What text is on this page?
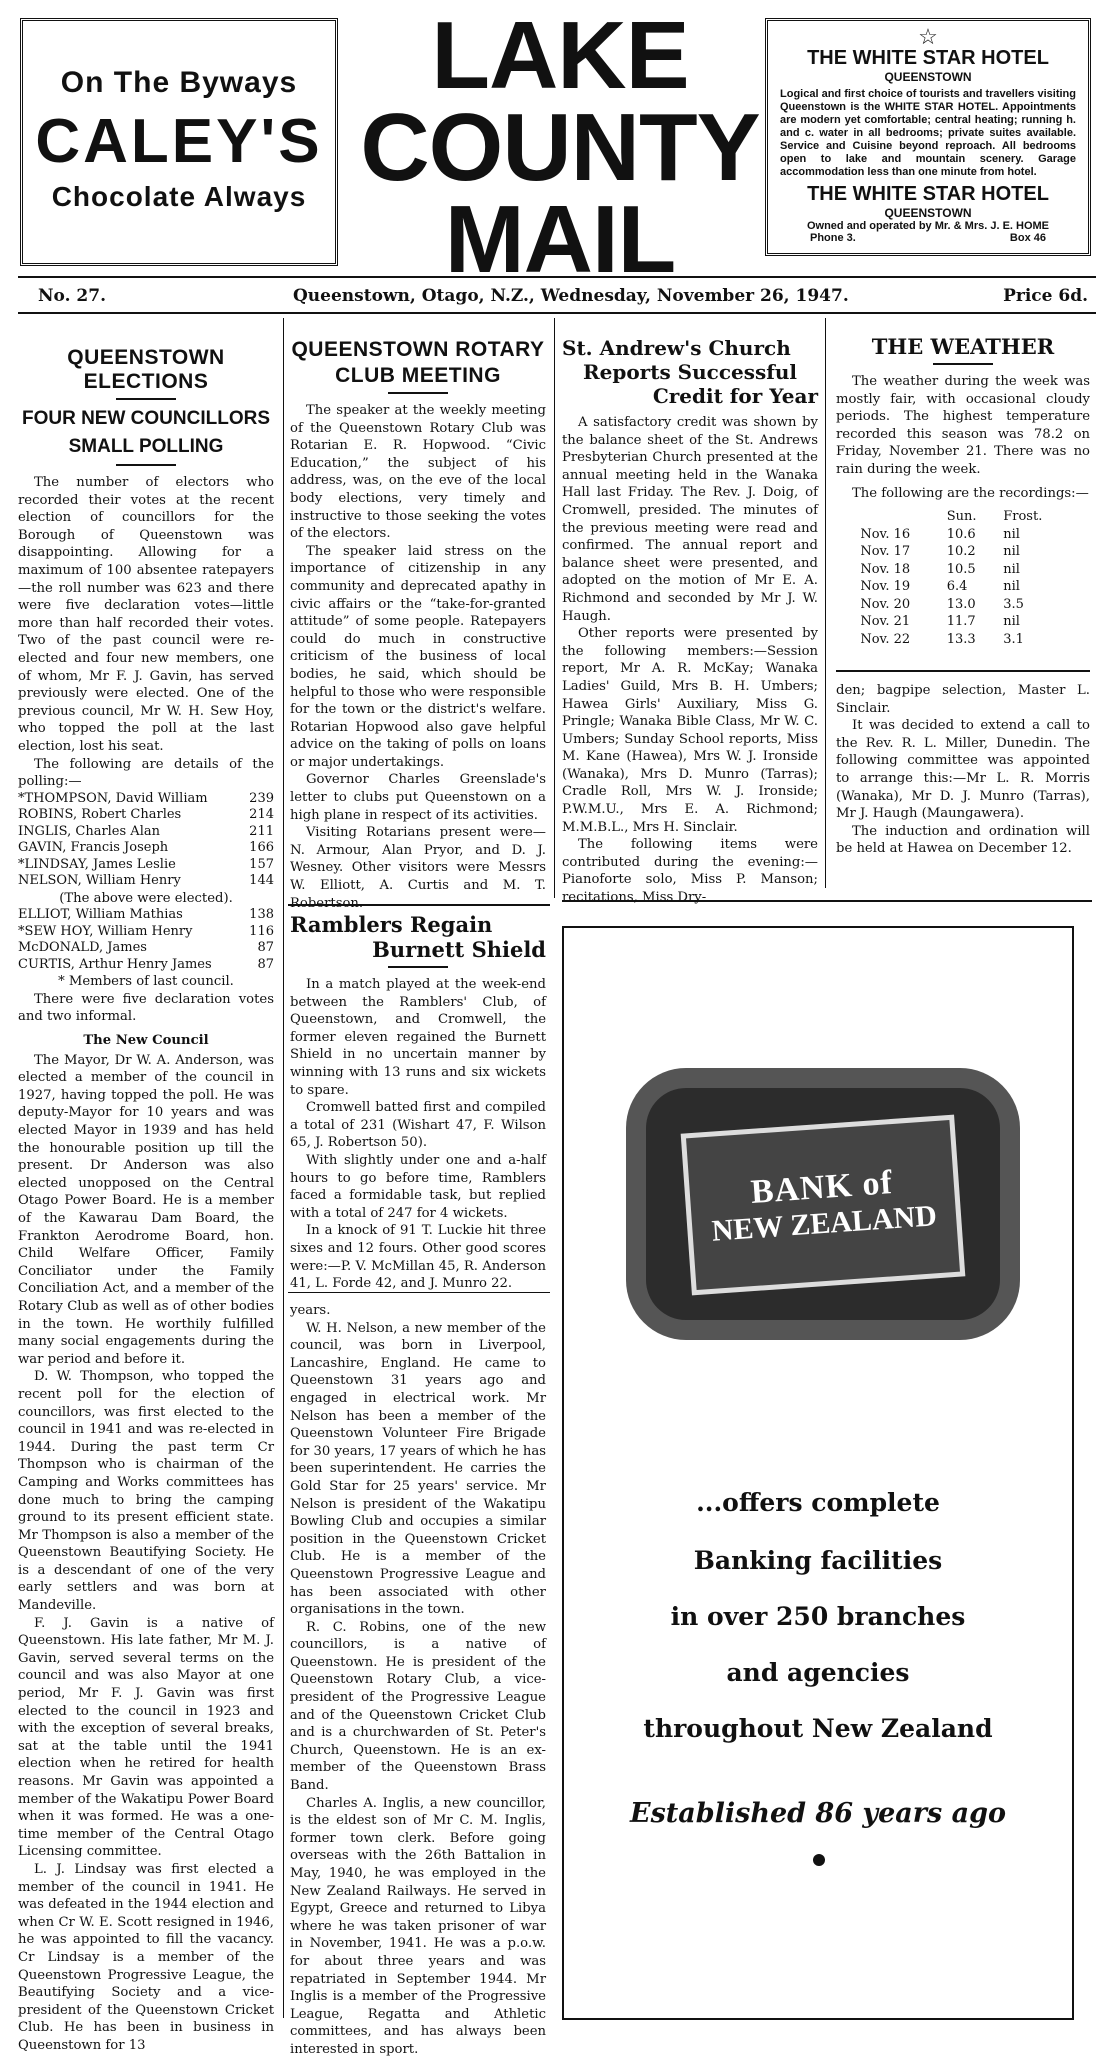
On The Byways
CALEY'S
Chocolate Always
LAKE
COUNTY
MAIL
☆
THE WHITE STAR HOTEL
QUEENSTOWN
Logical and first choice of tourists and travellers visiting Queenstown is the WHITE STAR HOTEL. Appointments are modern yet comfortable; central heating; running h. and c. water in all bedrooms; private suites available. Service and Cuisine beyond reproach. All bedrooms open to lake and mountain scenery. Garage accommodation less than one minute from hotel.
THE WHITE STAR HOTEL
QUEENSTOWN
Owned and operated by Mr. & Mrs. J. E. HOME
Phone 3.	Box 46
No. 27.	Queenstown, Otago, N.Z., Wednesday, November 26, 1947.	Price 6d.
QUEENSTOWN ELECTIONS
FOUR NEW COUNCILLORS
SMALL POLLING

The number of electors who recorded their votes at the recent election of councillors for the Borough of Queenstown was disappointing. Allowing for a maximum of 100 absentee ratepayers —the roll number was 623 and there were five declaration votes—little more than half recorded their votes. Two of the past council were re-elected and four new members, one of whom, Mr F. J. Gavin, has served previously were elected. One of the previous council, Mr W. H. Sew Hoy, who topped the poll at the last election, lost his seat.

The following are details of the polling:—

*THOMPSON, David William	239
ROBINS, Robert Charles	214
INGLIS, Charles Alan	211
GAVIN, Francis Joseph	166
*LINDSAY, James Leslie	157
NELSON, William Henry	144
(The above were elected).
ELLIOT, William Mathias	138
*SEW HOY, William Henry	116
McDONALD, James	87
CURTIS, Arthur Henry James	87
* Members of last council.

There were five declaration votes and two informal.

The New Council

The Mayor, Dr W. A. Anderson, was elected a member of the council in 1927, having topped the poll. He was deputy-Mayor for 10 years and was elected Mayor in 1939 and has held the honourable position up till the present. Dr Anderson was also elected unopposed on the Central Otago Power Board. He is a member of the Kawarau Dam Board, the Frankton Aerodrome Board, hon. Child Welfare Officer, Family Conciliator under the Family Conciliation Act, and a member of the Rotary Club as well as of other bodies in the town. He worthily fulfilled many social engagements during the war period and before it.

D. W. Thompson, who topped the recent poll for the election of councillors, was first elected to the council in 1941 and was re-elected in 1944. During the past term Cr Thompson who is chairman of the Camping and Works committees has done much to bring the camping ground to its present efficient state. Mr Thompson is also a member of the Queenstown Beautifying Society. He is a descendant of one of the very early settlers and was born at Mandeville.

F. J. Gavin is a native of Queenstown. His late father, Mr M. J. Gavin, served several terms on the council and was also Mayor at one period, Mr F. J. Gavin was first elected to the council in 1923 and with the exception of several breaks, sat at the table until the 1941 election when he retired for health reasons. Mr Gavin was appointed a member of the Wakatipu Power Board when it was formed. He was a one-time member of the Central Otago Licensing committee.

L. J. Lindsay was first elected a member of the council in 1941. He was defeated in the 1944 election and when Cr W. E. Scott resigned in 1946, he was appointed to fill the vacancy. Cr Lindsay is a member of the Queenstown Progressive League, the Beautifying Society and a vice-president of the Queenstown Cricket Club. He has been in business in Queenstown for 13

QUEENSTOWN ROTARY
CLUB MEETING

The speaker at the weekly meeting of the Queenstown Rotary Club was Rotarian E. R. Hopwood. “Civic Education,” the subject of his address, was, on the eve of the local body elections, very timely and instructive to those seeking the votes of the electors.

The speaker laid stress on the importance of citizenship in any community and deprecated apathy in civic affairs or the “take-for-granted attitude” of some people. Ratepayers could do much in constructive criticism of the business of local bodies, he said, which should be helpful to those who were responsible for the town or the district's welfare. Rotarian Hopwood also gave helpful advice on the taking of polls on loans or major undertakings.

Governor Charles Greenslade's letter to clubs put Queenstown on a high plane in respect of its activities.

Visiting Rotarians present were—N. Armour, Alan Pryor, and D. J. Wesney. Other visitors were Messrs W. Elliott, A. Curtis and M. T. Robertson.

Ramblers Regain
Burnett Shield

In a match played at the week-end between the Ramblers' Club, of Queenstown, and Cromwell, the former eleven regained the Burnett Shield in no uncertain manner by winning with 13 runs and six wickets to spare.

Cromwell batted first and compiled a total of 231 (Wishart 47, F. Wilson 65, J. Robertson 50).

With slightly under one and a-half hours to go before time, Ramblers faced a formidable task, but replied with a total of 247 for 4 wickets.

In a knock of 91 T. Luckie hit three sixes and 12 fours. Other good scores were:—P. V. McMillan 45, R. Anderson 41, L. Forde 42, and J. Munro 22.

years.

W. H. Nelson, a new member of the council, was born in Liverpool, Lancashire, England. He came to Queenstown 31 years ago and engaged in electrical work. Mr Nelson has been a member of the Queenstown Volunteer Fire Brigade for 30 years, 17 years of which he has been superintendent. He carries the Gold Star for 25 years' service. Mr Nelson is president of the Wakatipu Bowling Club and occupies a similar position in the Queenstown Cricket Club. He is a member of the Queenstown Progressive League and has been associated with other organisations in the town.

R. C. Robins, one of the new councillors, is a native of Queenstown. He is president of the Queenstown Rotary Club, a vice-president of the Progressive League and of the Queenstown Cricket Club and is a churchwarden of St. Peter's Church, Queenstown. He is an ex-member of the Queenstown Brass Band.

Charles A. Inglis, a new councillor, is the eldest son of Mr C. M. Inglis, former town clerk. Before going overseas with the 26th Battalion in May, 1940, he was employed in the New Zealand Railways. He served in Egypt, Greece and returned to Libya where he was taken prisoner of war in November, 1941. He was a p.o.w. for about three years and was repatriated in September 1944. Mr Inglis is a member of the Progressive League, Regatta and Athletic committees, and has always been interested in sport.

St. Andrew's Church
Reports Successful
Credit for Year

A satisfactory credit was shown by the balance sheet of the St. Andrews Presbyterian Church presented at the annual meeting held in the Wanaka Hall last Friday. The Rev. J. Doig, of Cromwell, presided. The minutes of the previous meeting were read and confirmed. The annual report and balance sheet were presented, and adopted on the motion of Mr E. A. Richmond and seconded by Mr J. W. Haugh.

Other reports were presented by the following members:—Session report, Mr A. R. McKay; Wanaka Ladies' Guild, Mrs B. H. Umbers; Hawea Girls' Auxiliary, Miss G. Pringle; Wanaka Bible Class, Mr W. C. Umbers; Sunday School reports, Miss M. Kane (Hawea), Mrs W. J. Ironside (Wanaka), Mrs D. Munro (Tarras); Cradle Roll, Mrs W. J. Ironside; P.W.M.U., Mrs E. A. Richmond; M.M.B.L., Mrs H. Sinclair.

The following items were contributed during the evening:—Pianoforte solo, Miss P. Manson; recitations, Miss Dry-

THE WEATHER

The weather during the week was mostly fair, with occasional cloudy periods. The highest temperature recorded this season was 78.2 on Friday, November 21. There was no rain during the week.

The following are the recordings:—

	Sun.	Frost.
Nov. 16	10.6	nil
Nov. 17	10.2	nil
Nov. 18	10.5	nil
Nov. 19	6.4	nil
Nov. 20	13.0	3.5
Nov. 21	11.7	nil
Nov. 22	13.3	3.1

den; bagpipe selection, Master L. Sinclair.

It was decided to extend a call to the Rev. R. L. Miller, Dunedin. The following committee was appointed to arrange this:—Mr L. R. Morris (Wanaka), Mr D. J. Munro (Tarras), Mr J. Haugh (Maungawera).

The induction and ordination will be held at Hawea on December 12.

BANK of
NEW ZEALAND
...offers complete
Banking facilities
in over 250 branches
and agencies
throughout New Zealand
Established 86 years ago
